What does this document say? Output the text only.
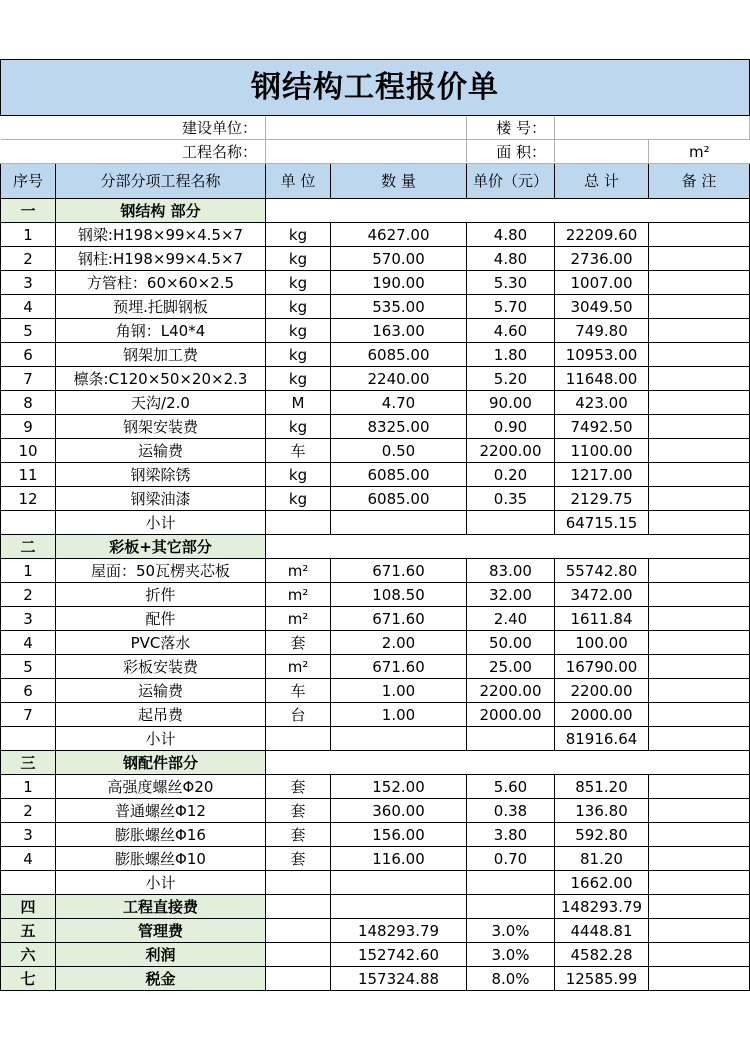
钢结构工程报价单						
建设单位：				楼 号：		
工程名称：				面 积：		m²
序号	分部分项工程名称	单 位	数 量	单价（元）	总 计	备 注
一	钢结构 部分					
1	钢梁:H198×99×4.5×7	kg	4627.00	4.80	22209.60	
2	钢柱:H198×99×4.5×7	kg	570.00	4.80	2736.00	
3	方管柱：60×60×2.5	kg	190.00	5.30	1007.00	
4	预埋.托脚钢板	kg	535.00	5.70	3049.50	
5	角钢：L40*4	kg	163.00	4.60	749.80	
6	钢架加工费	kg	6085.00	1.80	10953.00	
7	檩条:C120×50×20×2.3	kg	2240.00	5.20	11648.00	
8	天沟/2.0	M	4.70	90.00	423.00	
9	钢架安装费	kg	8325.00	0.90	7492.50	
10	运输费	车	0.50	2200.00	1100.00	
11	钢梁除锈	kg	6085.00	0.20	1217.00	
12	钢梁油漆	kg	6085.00	0.35	2129.75	
	小计				64715.15	
二	彩板+其它部分					
1	屋面：50瓦楞夹芯板	m²	671.60	83.00	55742.80	
2	折件	m²	108.50	32.00	3472.00	
3	配件	m²	671.60	2.40	1611.84	
4	PVC落水	套	2.00	50.00	100.00	
5	彩板安装费	m²	671.60	25.00	16790.00	
6	运输费	车	1.00	2200.00	2200.00	
7	起吊费	台	1.00	2000.00	2000.00	
	小计				81916.64	
三	钢配件部分					
1	高强度螺丝Φ20	套	152.00	5.60	851.20	
2	普通螺丝Φ12	套	360.00	0.38	136.80	
3	膨胀螺丝Φ16	套	156.00	3.80	592.80	
4	膨胀螺丝Φ10	套	116.00	0.70	81.20	
	小计				1662.00	
四	工程直接费				148293.79	
五	管理费		148293.79	3.0%	4448.81	
六	利润		152742.60	3.0%	4582.28	
七	税金		157324.88	8.0%	12585.99	
